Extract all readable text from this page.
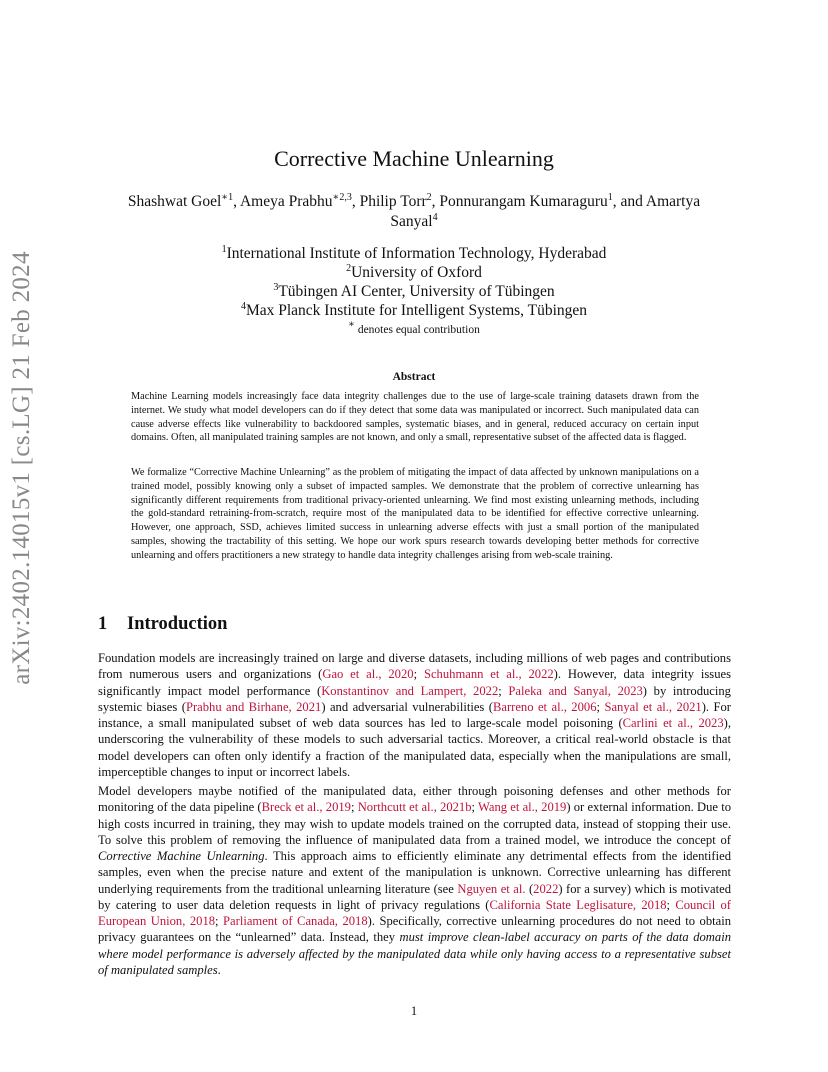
arXiv:2402.14015v1 [cs.LG] 21 Feb 2024
Corrective Machine Unlearning
Shashwat Goel$^{∗1}$, Ameya Prabhu$^{∗2,3}$, Philip Torr$^2$, Ponnurangam Kumaraguru$^1$, and Amartya Sanyal$^4$
$^1$International Institute of Information Technology, Hyderabad
$^2$University of Oxford
$^3$Tübingen AI Center, University of Tübingen
$^4$Max Planck Institute for Intelligent Systems, Tübingen
∗ denotes equal contribution
Abstract

Machine Learning models increasingly face data integrity challenges due to the use of large-scale training datasets drawn from the internet. We study what model developers can do if they detect that some data was manipulated or incorrect. Such manipulated data can cause adverse effects like vulnerability to backdoored samples, systematic biases, and in general, reduced accuracy on certain input domains. Often, all manipulated training samples are not known, and only a small, representative subset of the affected data is flagged.

We formalize “Corrective Machine Unlearning” as the problem of mitigating the impact of data affected by unknown manipulations on a trained model, possibly knowing only a subset of impacted samples. We demonstrate that the problem of corrective unlearning has significantly different requirements from traditional privacy-oriented unlearning. We find most existing unlearning methods, including the gold-standard retraining-from-scratch, require most of the manipulated data to be identified for effective corrective unlearning. However, one approach, SSD, achieves limited success in unlearning adverse effects with just a small portion of the manipulated samples, showing the tractability of this setting. We hope our work spurs research towards developing better methods for corrective unlearning and offers practitioners a new strategy to handle data integrity challenges arising from web-scale training.

1 Introduction

Foundation models are increasingly trained on large and diverse datasets, including millions of web pages and contributions from numerous users and organizations (Gao et al., 2020; Schuhmann et al., 2022). However, data integrity issues significantly impact model performance (Konstantinov and Lampert, 2022; Paleka and Sanyal, 2023) by introducing systemic biases (Prabhu and Birhane, 2021) and adversarial vulnerabilities (Barreno et al., 2006; Sanyal et al., 2021). For instance, a small manipulated subset of web data sources has led to large-scale model poisoning (Carlini et al., 2023), underscoring the vulnerability of these models to such adversarial tactics. Moreover, a critical real-world obstacle is that model developers can often only identify a fraction of the manipulated data, especially when the manipulations are small, imperceptible changes to input or incorrect labels.

Model developers maybe notified of the manipulated data, either through poisoning defenses and other methods for monitoring of the data pipeline (Breck et al., 2019; Northcutt et al., 2021b; Wang et al., 2019) or external information. Due to high costs incurred in training, they may wish to update models trained on the corrupted data, instead of stopping their use. To solve this problem of removing the influence of manipulated data from a trained model, we introduce the concept of Corrective Machine Unlearning. This approach aims to efficiently eliminate any detrimental effects from the identified samples, even when the precise nature and extent of the manipulation is unknown. Corrective unlearning has different underlying requirements from the traditional unlearning literature (see Nguyen et al. (2022) for a survey) which is motivated by catering to user data deletion requests in light of privacy regulations (California State Leglisature, 2018; Council of European Union, 2018; Parliament of Canada, 2018). Specifically, corrective unlearning procedures do not need to obtain privacy guarantees on the “unlearned” data. Instead, they must improve clean-label accuracy on parts of the data domain where model performance is adversely affected by the manipulated data while only having access to a representative subset of manipulated samples.

1
